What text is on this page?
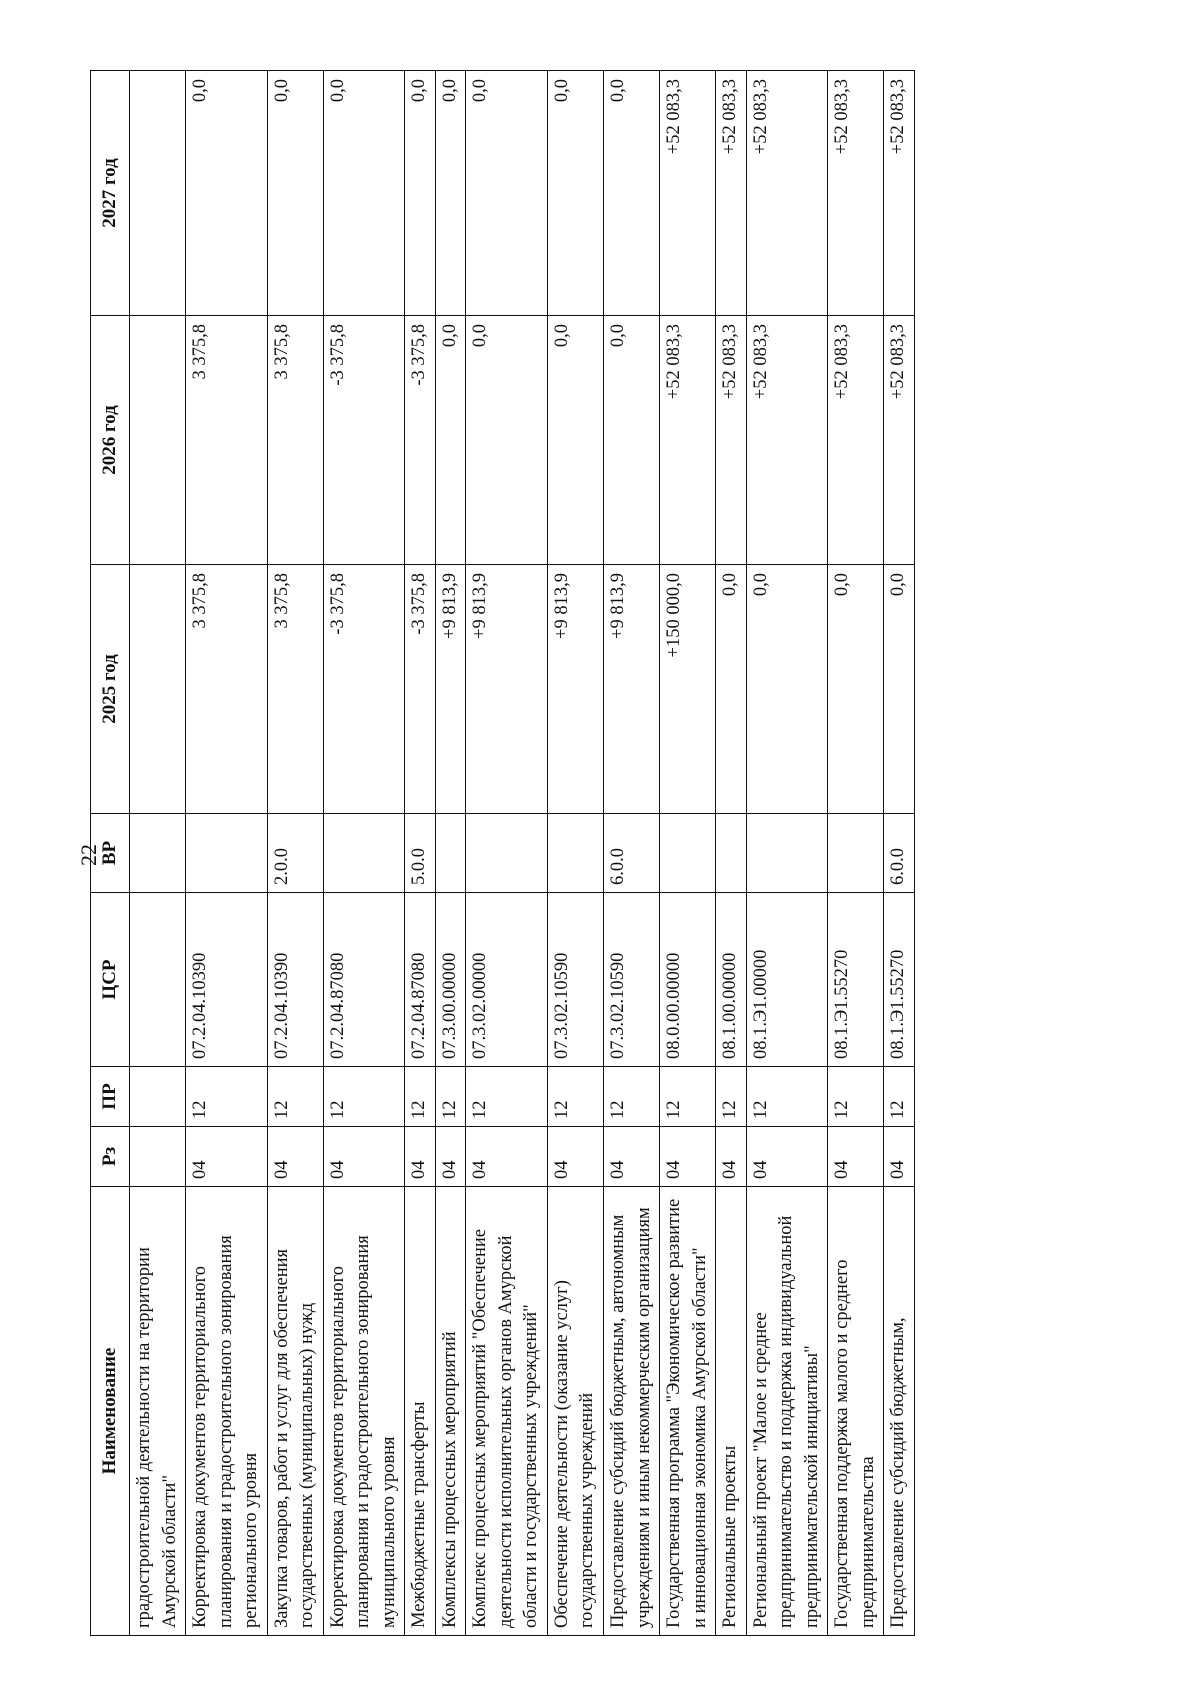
22
Наименование	Рз	ПР	ЦСР	ВР	2025 год	2026 год	2027 год
градостроительной деятельности на территории Амурской области"							
Корректировка документов территориального планирования и градостроительного зонирования регионального уровня	04	12	07.2.04.10390		3 375,8	3 375,8	0,0
Закупка товаров, работ и услуг для обеспечения государственных (муниципальных) нужд	04	12	07.2.04.10390	2.0.0	3 375,8	3 375,8	0,0
Корректировка документов территориального планирования и градостроительного зонирования муниципального уровня	04	12	07.2.04.87080		-3 375,8	-3 375,8	0,0
Межбюджетные трансферты	04	12	07.2.04.87080	5.0.0	-3 375,8	-3 375,8	0,0
Комплексы процессных мероприятий	04	12	07.3.00.00000		+9 813,9	0,0	0,0
Комплекс процессных мероприятий "Обеспечение деятельности исполнительных органов Амурской области и государственных учреждений"	04	12	07.3.02.00000		+9 813,9	0,0	0,0
Обеспечение деятельности (оказание услуг) государственных учреждений	04	12	07.3.02.10590		+9 813,9	0,0	0,0
Предоставление субсидий бюджетным, автономным учреждениям и иным некоммерческим организациям	04	12	07.3.02.10590	6.0.0	+9 813,9	0,0	0,0
Государственная программа "Экономическое развитие и инновационная экономика Амурской области"	04	12	08.0.00.00000		+150 000,0	+52 083,3	+52 083,3
Региональные проекты	04	12	08.1.00.00000		0,0	+52 083,3	+52 083,3
Региональный проект "Малое и среднее предпринимательство и поддержка индивидуальной предпринимательской инициативы"	04	12	08.1.Э1.00000		0,0	+52 083,3	+52 083,3
Государственная поддержка малого и среднего предпринимательства	04	12	08.1.Э1.55270		0,0	+52 083,3	+52 083,3
Предоставление субсидий бюджетным,	04	12	08.1.Э1.55270	6.0.0	0,0	+52 083,3	+52 083,3
